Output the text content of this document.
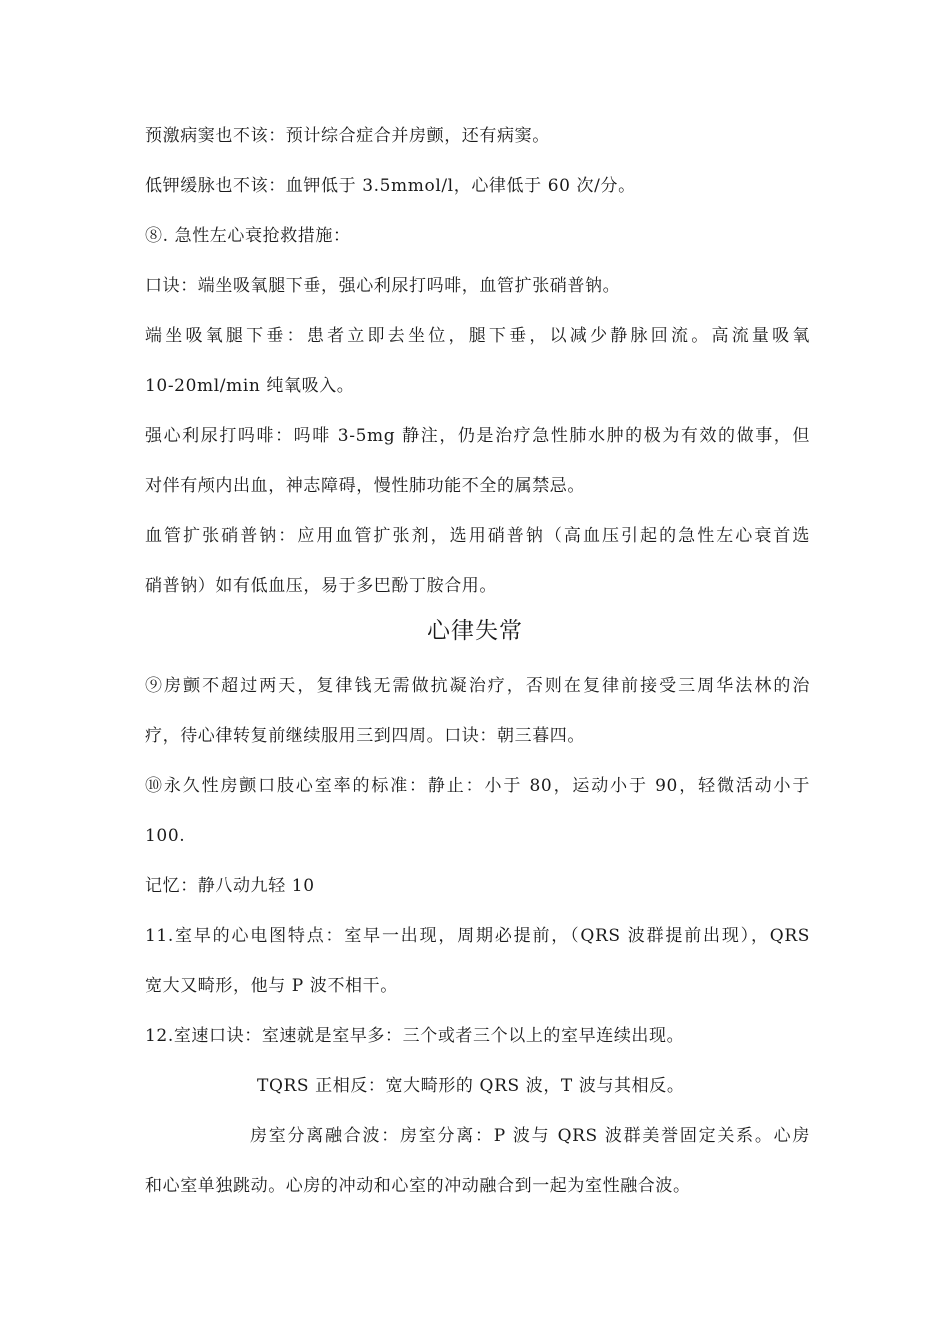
预激病窦也不该：预计综合症合并房颤，还有病窦。
低钾缓脉也不该：血钾低于 3.5mmol/l，心律低于 60 次/分。
⑧. 急性左心衰抢救措施：
口诀：端坐吸氧腿下垂，强心利尿打吗啡，血管扩张硝普钠。
端坐吸氧腿下垂：患者立即去坐位，腿下垂，以减少静脉回流。高流量吸氧
10-20ml/min 纯氧吸入。
强心利尿打吗啡：吗啡 3-5mg 静注，仍是治疗急性肺水肿的极为有效的做事，但
对伴有颅内出血，神志障碍，慢性肺功能不全的属禁忌。
血管扩张硝普钠：应用血管扩张剂，选用硝普钠（高血压引起的急性左心衰首选
硝普钠）如有低血压，易于多巴酚丁胺合用。
心律失常
⑨房颤不超过两天，复律钱无需做抗凝治疗，否则在复律前接受三周华法林的治
疗，待心律转复前继续服用三到四周。口诀：朝三暮四。
⑩永久性房颤口肢心室率的标准：静止：小于 80，运动小于 90，轻微活动小于
100.
记忆：静八动九轻 10
11.室早的心电图特点：室早一出现，周期必提前，（QRS 波群提前出现），QRS
宽大又畸形，他与 P 波不相干。
12.室速口诀：室速就是室早多：三个或者三个以上的室早连续出现。
TQRS 正相反：宽大畸形的 QRS 波，T 波与其相反。
房室分离融合波：房室分离：P 波与 QRS 波群美誉固定关系。心房
和心室单独跳动。心房的冲动和心室的冲动融合到一起为室性融合波。
